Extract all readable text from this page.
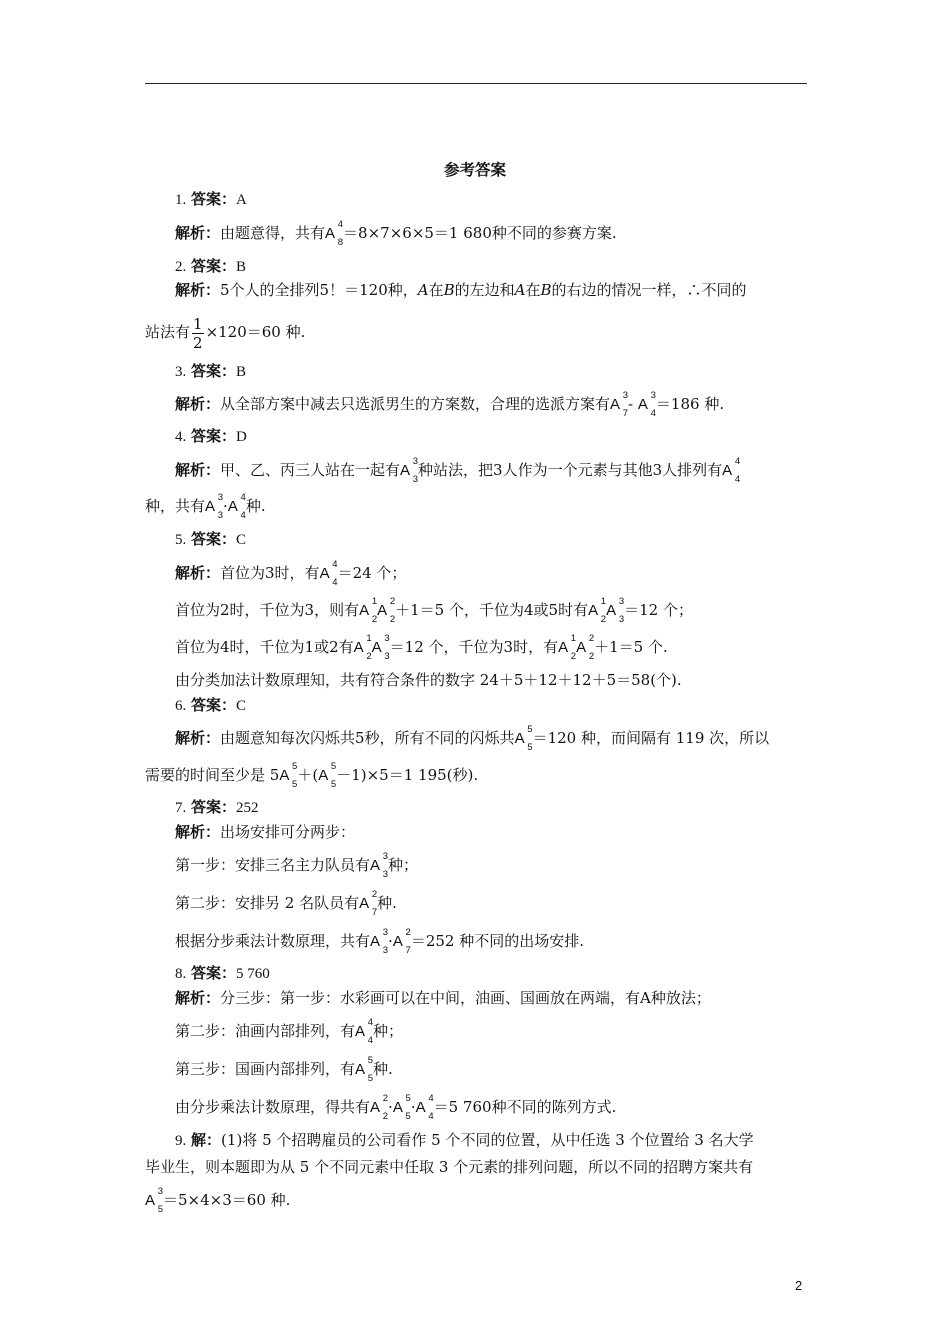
参考答案
1. 答案：A
解析：由题意得，共有A
4
8
＝8×7×6×5＝1 680种不同的参赛方案.
2. 答案：B
解析：5个人的全排列5！＝120种，A在B的左边和A在B的右边的情况一样，∴不同的
站法有 $\frac{1}{2} \times 120=60$ 种.
3. 答案：B
解析：从全部方案中减去只选派男生的方案数，合理的选派方案有A
3
7
- A
3
4
＝186 种.
4. 答案：D
解析：甲、乙、丙三人站在一起有A
3
3
种站法，把3人作为一个元素与其他3人排列有A
4
4
种，共有A
3
3
·A
4
4
种.
5. 答案：C
解析：首位为3时，有A
4
4
＝24 个；
首位为2时，千位为3，则有A
1
2
A
2
2
＋1＝5 个，千位为4或5时有A
1
2
A
3
3
＝12 个；
首位为4时，千位为1或2有A
1
2
A
3
3
＝12 个，千位为3时，有A
1
2
A
2
2
＋1＝5 个.
由分类加法计数原理知，共有符合条件的数字 24＋5＋12＋12＋5＝58(个).
6. 答案：C
解析：由题意知每次闪烁共5秒，所有不同的闪烁共A
5
5
＝120 种，而间隔有 119 次，所以
需要的时间至少是 5A
5
5
＋(A
5
5
－1)×5＝1 195(秒).
7. 答案：252
解析：出场安排可分两步：
第一步：安排三名主力队员有A
3
3
种；
第二步：安排另 2 名队员有A
2
7
种.
根据分步乘法计数原理，共有A
3
3
·A
2
7
＝252 种不同的出场安排.
8. 答案：5 760
解析：分三步：第一步：水彩画可以在中间，油画、国画放在两端，有A种放法；
第二步：油画内部排列，有A
4
4
种；
第三步：国画内部排列，有A
5
5
种.
由分步乘法计数原理，得共有A
2
2
·A
5
5
·A
4
4
＝5 760种不同的陈列方式.
9. 解：(1)将 5 个招聘雇员的公司看作 5 个不同的位置，从中任选 3 个位置给 3 名大学
毕业生，则本题即为从 5 个不同元素中任取 3 个元素的排列问题，所以不同的招聘方案共有
A
3
5
＝5×4×3＝60 种.
2
